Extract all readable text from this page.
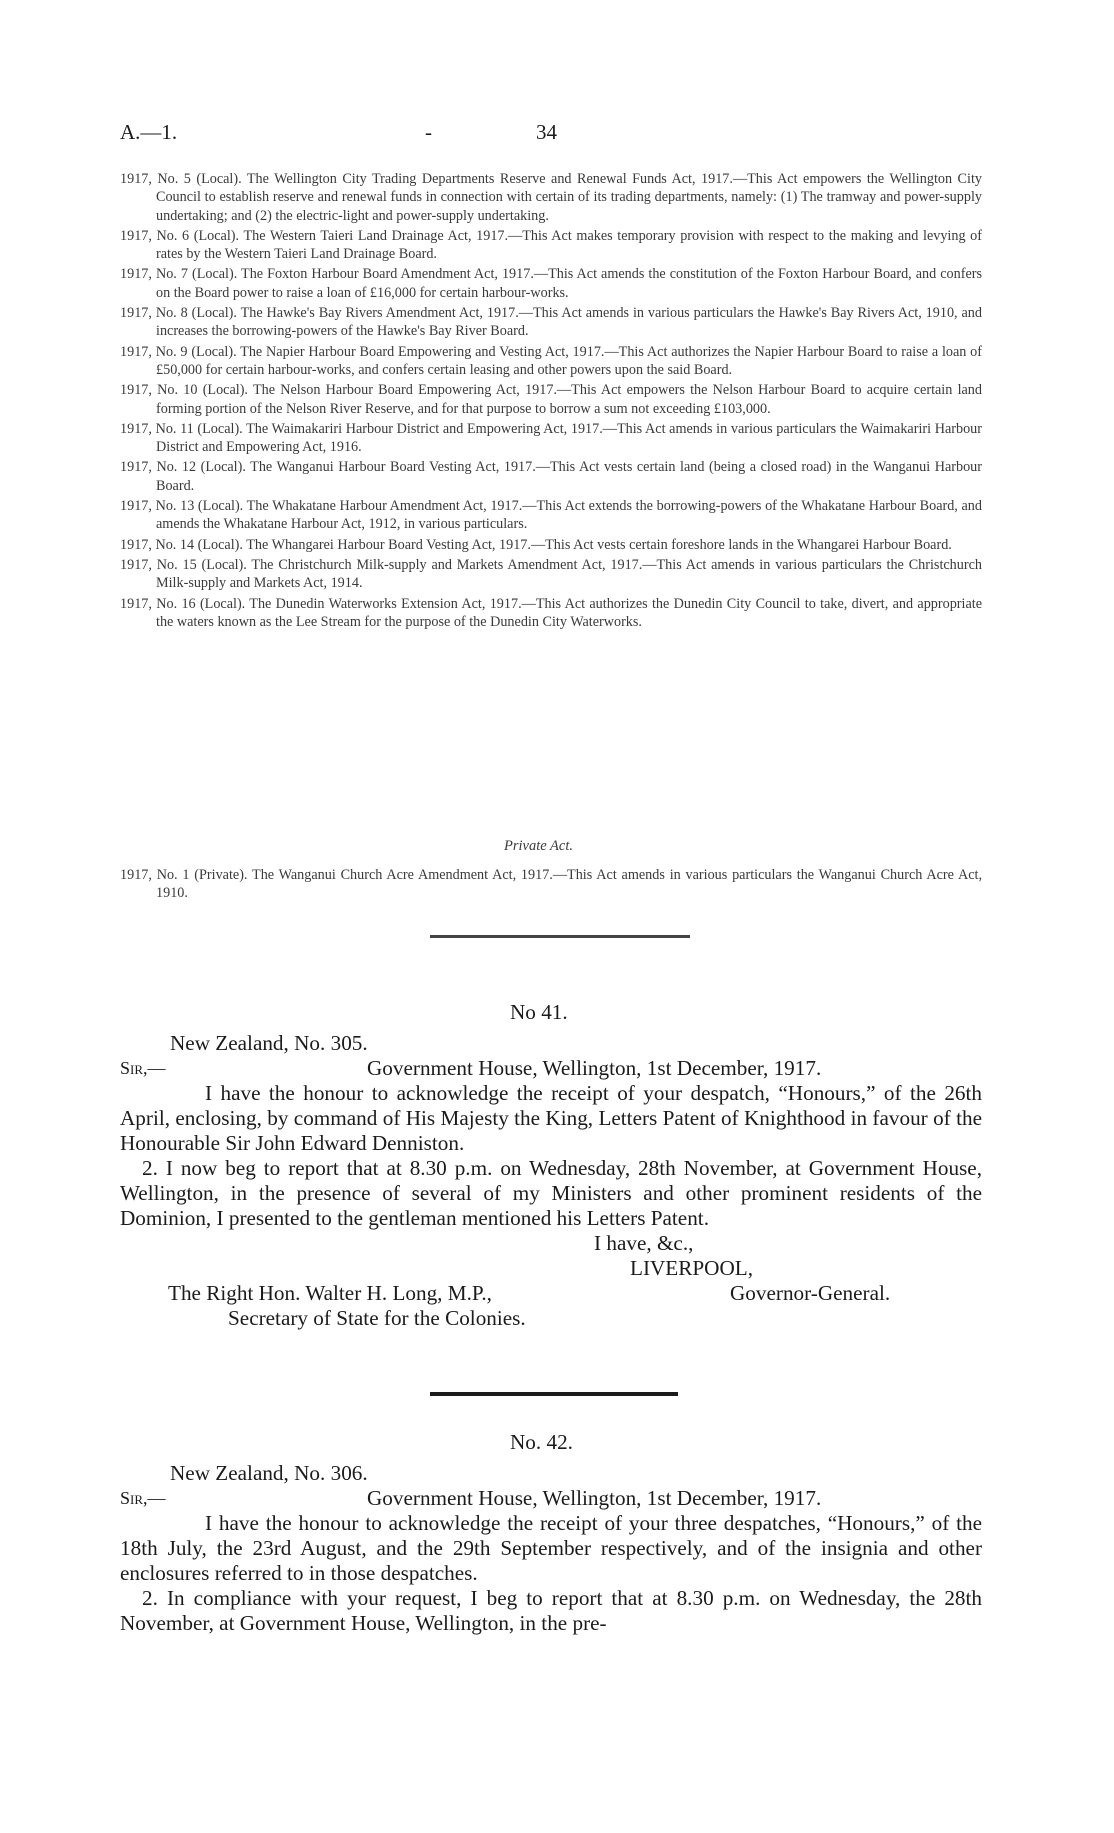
A.—1.	-	34

1917, No. 5 (Local). The Wellington City Trading Departments Reserve and Renewal Funds Act, 1917.—This Act empowers the Wellington City Council to establish reserve and renewal funds in connection with certain of its trading departments, namely: (1) The tramway and power-supply undertaking; and (2) the electric-light and power-supply undertaking.

1917, No. 6 (Local). The Western Taieri Land Drainage Act, 1917.—This Act makes temporary provision with respect to the making and levying of rates by the Western Taieri Land Drainage Board.

1917, No. 7 (Local). The Foxton Harbour Board Amendment Act, 1917.—This Act amends the constitution of the Foxton Harbour Board, and confers on the Board power to raise a loan of £16,000 for certain harbour-works.

1917, No. 8 (Local). The Hawke's Bay Rivers Amendment Act, 1917.—This Act amends in various particulars the Hawke's Bay Rivers Act, 1910, and increases the borrowing-powers of the Hawke's Bay River Board.

1917, No. 9 (Local). The Napier Harbour Board Empowering and Vesting Act, 1917.—This Act authorizes the Napier Harbour Board to raise a loan of £50,000 for certain harbour-works, and confers certain leasing and other powers upon the said Board.

1917, No. 10 (Local). The Nelson Harbour Board Empowering Act, 1917.—This Act empowers the Nelson Harbour Board to acquire certain land forming portion of the Nelson River Reserve, and for that purpose to borrow a sum not exceeding £103,000.

1917, No. 11 (Local). The Waimakariri Harbour District and Empowering Act, 1917.—This Act amends in various particulars the Waimakariri Harbour District and Empowering Act, 1916.

1917, No. 12 (Local). The Wanganui Harbour Board Vesting Act, 1917.—This Act vests certain land (being a closed road) in the Wanganui Harbour Board.

1917, No. 13 (Local). The Whakatane Harbour Amendment Act, 1917.—This Act extends the borrowing-powers of the Whakatane Harbour Board, and amends the Whakatane Harbour Act, 1912, in various particulars.

1917, No. 14 (Local). The Whangarei Harbour Board Vesting Act, 1917.—This Act vests certain foreshore lands in the Whangarei Harbour Board.

1917, No. 15 (Local). The Christchurch Milk-supply and Markets Amendment Act, 1917.—This Act amends in various particulars the Christchurch Milk-supply and Markets Act, 1914.

1917, No. 16 (Local). The Dunedin Waterworks Extension Act, 1917.—This Act authorizes the Dunedin City Council to take, divert, and appropriate the waters known as the Lee Stream for the purpose of the Dunedin City Waterworks.

Private Act.

1917, No. 1 (Private). The Wanganui Church Acre Amendment Act, 1917.—This Act amends in various particulars the Wanganui Church Acre Act, 1910.

No 41.
New Zealand, No. 305.
Sir,—	Government House, Wellington, 1st December, 1917.

I have the honour to acknowledge the receipt of your despatch, “Honours,” of the 26th April, enclosing, by command of His Majesty the King, Letters Patent of Knighthood in favour of the Honourable Sir John Edward Denniston.

2. I now beg to report that at 8.30 p.m. on Wednesday, 28th November, at Government House, Wellington, in the presence of several of my Ministers and other prominent residents of the Dominion, I presented to the gentleman mentioned his Letters Patent.

I have, &c.,
LIVERPOOL,
The Right Hon. Walter H. Long, M.P.,	Governor-General.
Secretary of State for the Colonies.
No. 42.
New Zealand, No. 306.
Sir,—	Government House, Wellington, 1st December, 1917.

I have the honour to acknowledge the receipt of your three despatches, “Honours,” of the 18th July, the 23rd August, and the 29th September respectively, and of the insignia and other enclosures referred to in those despatches.

2. In compliance with your request, I beg to report that at 8.30 p.m. on Wednesday, the 28th November, at Government House, Wellington, in the pre-
